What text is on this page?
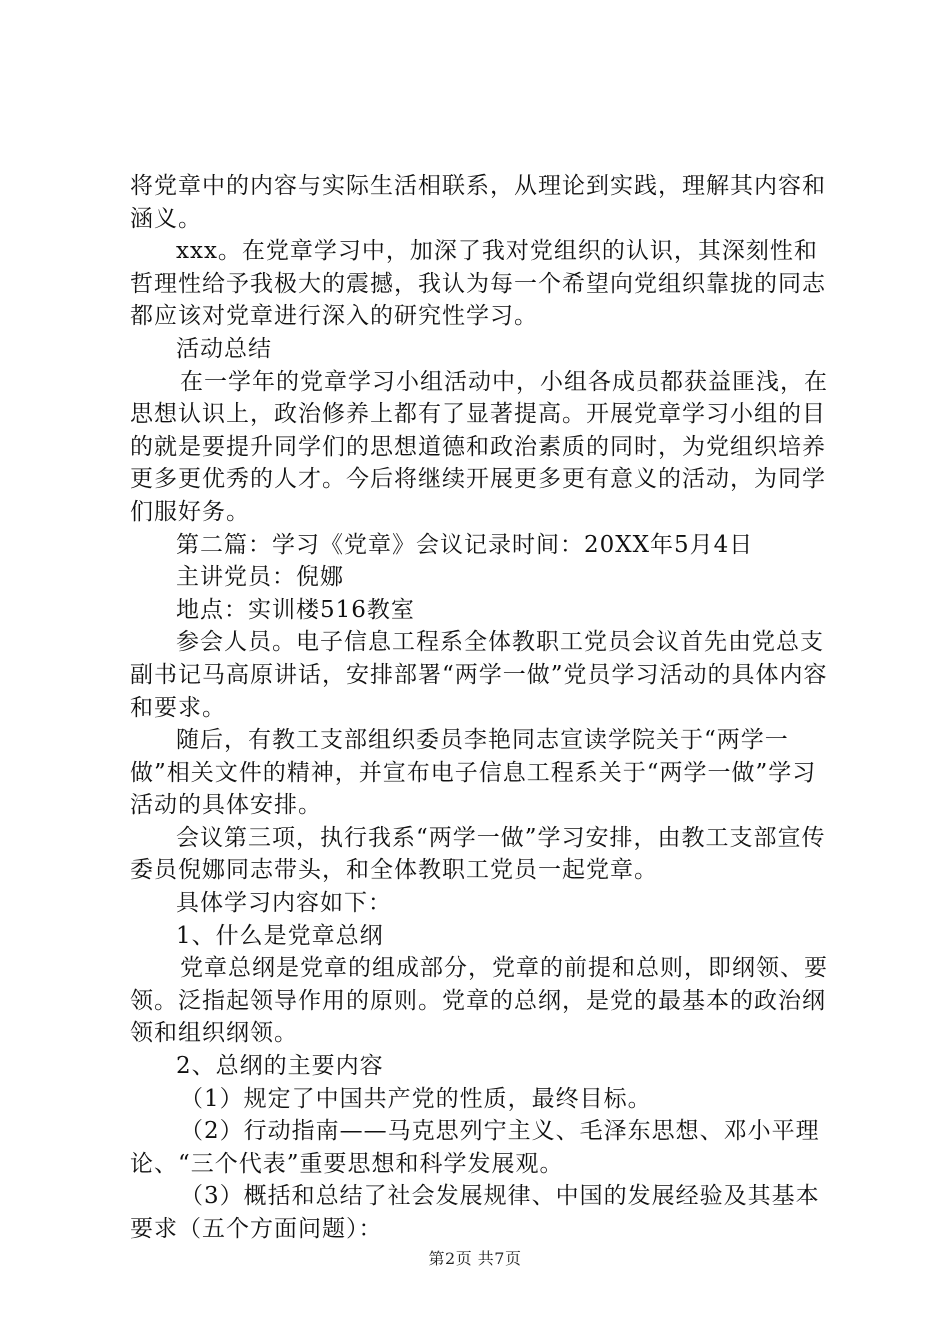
将党章中的内容与实际生活相联系，从理论到实践，理解其内容和涵义。

xxx。在党章学习中，加深了我对党组织的认识，其深刻性和哲理性给予我极大的震撼，我认为每一个希望向党组织靠拢的同志都应该对党章进行深入的研究性学习。

活动总结

在一学年的党章学习小组活动中，小组各成员都获益匪浅，在思想认识上，政治修养上都有了显著提高。开展党章学习小组的目的就是要提升同学们的思想道德和政治素质的同时，为党组织培养更多更优秀的人才。今后将继续开展更多更有意义的活动，为同学们服好务。

第二篇：学习《党章》会议记录时间：20XX年5月4日

主讲党员：倪娜

地点：实训楼516教室

参会人员。电子信息工程系全体教职工党员会议首先由党总支副书记马高原讲话，安排部署“两学一做”党员学习活动的具体内容和要求。

随后，有教工支部组织委员李艳同志宣读学院关于“两学一做”相关文件的精神，并宣布电子信息工程系关于“两学一做”学习活动的具体安排。

会议第三项，执行我系“两学一做”学习安排，由教工支部宣传委员倪娜同志带头，和全体教职工党员一起党章。

具体学习内容如下：

1、什么是党章总纲

党章总纲是党章的组成部分，党章的前提和总则，即纲领、要领。泛指起领导作用的原则。党章的总纲，是党的最基本的政治纲领和组织纲领。

2、总纲的主要内容

（1）规定了中国共产党的性质，最终目标。

（2）行动指南——马克思列宁主义、毛泽东思想、邓小平理论、“三个代表”重要思想和科学发展观。

（3）概括和总结了社会发展规律、中国的发展经验及其基本要求（五个方面问题）：

第2页 共7页
